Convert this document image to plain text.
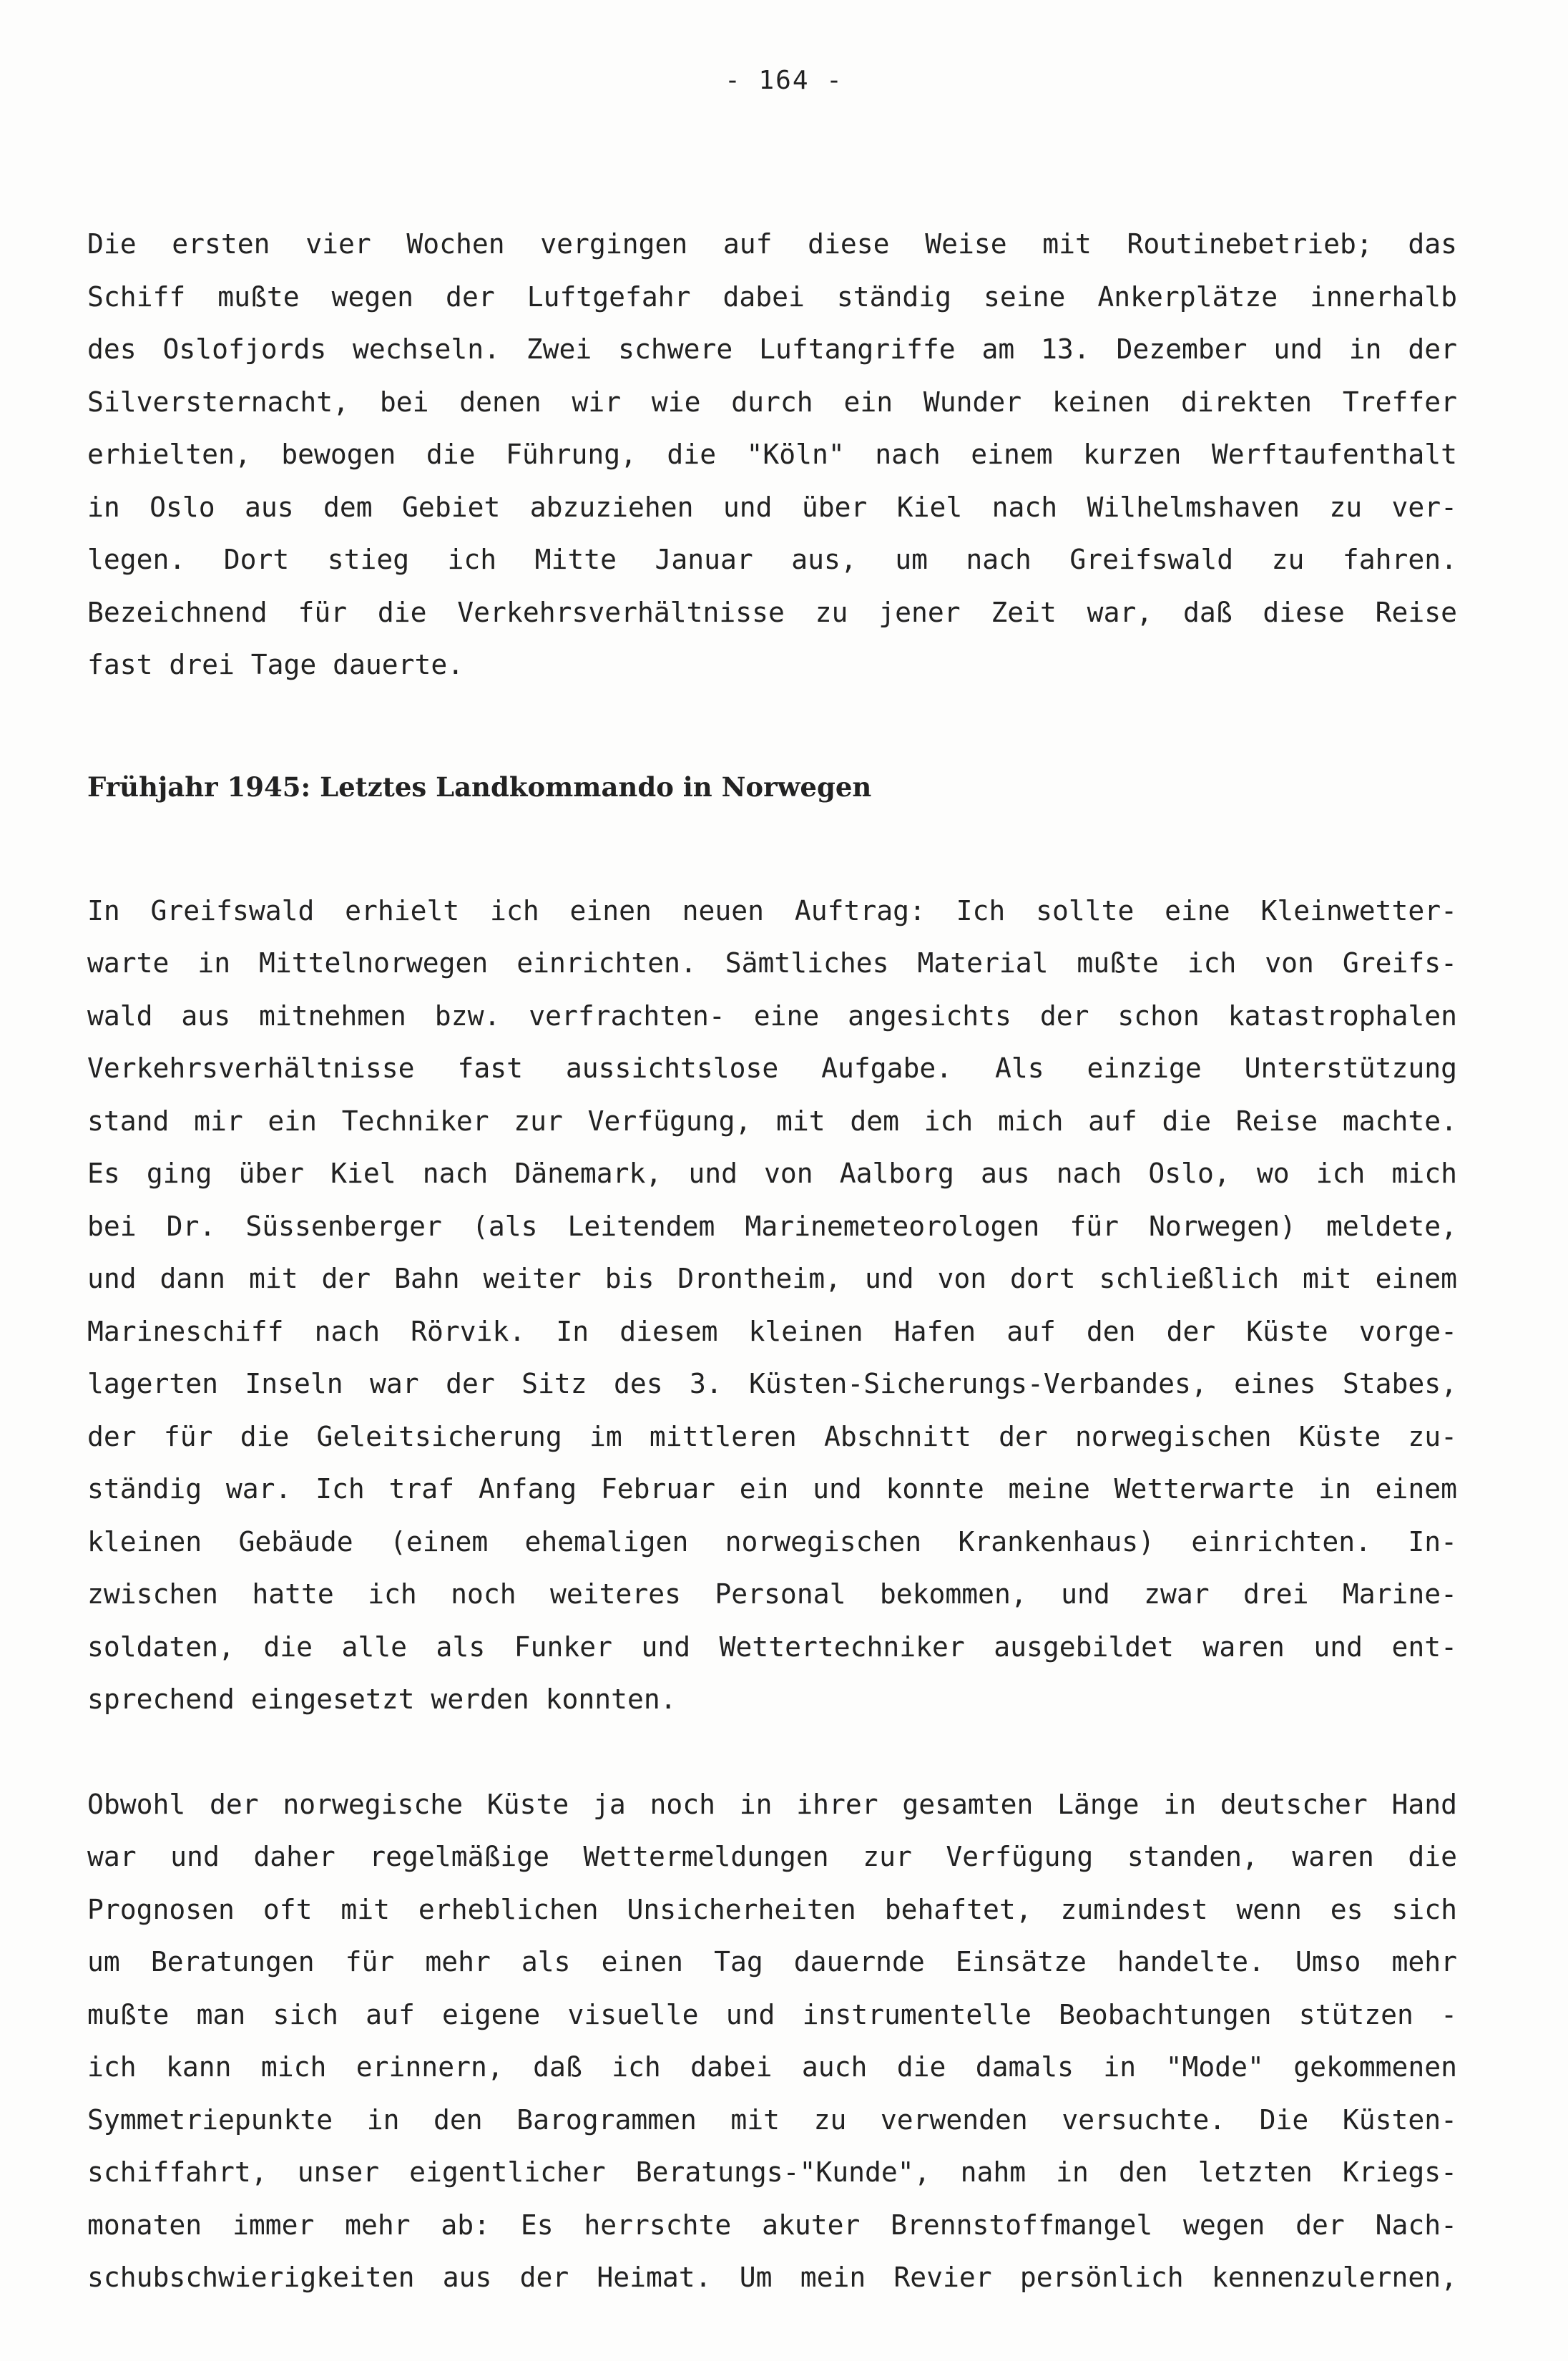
- 164 -

Die ersten vier Wochen vergingen auf diese Weise mit Routinebetrieb; das

Schiff mußte wegen der Luftgefahr dabei ständig seine Ankerplätze innerhalb

des Oslofjords wechseln. Zwei schwere Luftangriffe am 13. Dezember und in der

Silversternacht, bei denen wir wie durch ein Wunder keinen direkten Treffer

erhielten, bewogen die Führung, die "Köln" nach einem kurzen Werftaufenthalt

in Oslo aus dem Gebiet abzuziehen und über Kiel nach Wilhelmshaven zu ver-

legen. Dort stieg ich Mitte Januar aus, um nach Greifswald zu fahren.

Bezeichnend für die Verkehrsverhältnisse zu jener Zeit war, daß diese Reise

fast drei Tage dauerte.

Frühjahr 1945: Letztes Landkommando in Norwegen

In Greifswald erhielt ich einen neuen Auftrag: Ich sollte eine Kleinwetter-

warte in Mittelnorwegen einrichten. Sämtliches Material mußte ich von Greifs-

wald aus mitnehmen bzw. verfrachten- eine angesichts der schon katastrophalen

Verkehrsverhältnisse fast aussichtslose Aufgabe. Als einzige Unterstützung

stand mir ein Techniker zur Verfügung, mit dem ich mich auf die Reise machte.

Es ging über Kiel nach Dänemark, und von Aalborg aus nach Oslo, wo ich mich

bei Dr. Süssenberger (als Leitendem Marinemeteorologen für Norwegen) meldete,

und dann mit der Bahn weiter bis Drontheim, und von dort schließlich mit einem

Marineschiff nach Rörvik. In diesem kleinen Hafen auf den der Küste vorge-

lagerten Inseln war der Sitz des 3. Küsten-Sicherungs-Verbandes, eines Stabes,

der für die Geleitsicherung im mittleren Abschnitt der norwegischen Küste zu-

ständig war. Ich traf Anfang Februar ein und konnte meine Wetterwarte in einem

kleinen Gebäude (einem ehemaligen norwegischen Krankenhaus) einrichten. In-

zwischen hatte ich noch weiteres Personal bekommen, und zwar drei Marine-

soldaten, die alle als Funker und Wettertechniker ausgebildet waren und ent-

sprechend eingesetzt werden konnten.

Obwohl der norwegische Küste ja noch in ihrer gesamten Länge in deutscher Hand

war und daher regelmäßige Wettermeldungen zur Verfügung standen, waren die

Prognosen oft mit erheblichen Unsicherheiten behaftet, zumindest wenn es sich

um Beratungen für mehr als einen Tag dauernde Einsätze handelte. Umso mehr

mußte man sich auf eigene visuelle und instrumentelle Beobachtungen stützen -

ich kann mich erinnern, daß ich dabei auch die damals in "Mode" gekommenen

Symmetriepunkte in den Barogrammen mit zu verwenden versuchte. Die Küsten-

schiffahrt, unser eigentlicher Beratungs-"Kunde", nahm in den letzten Kriegs-

monaten immer mehr ab: Es herrschte akuter Brennstoffmangel wegen der Nach-

schubschwierigkeiten aus der Heimat. Um mein Revier persönlich kennenzulernen,
